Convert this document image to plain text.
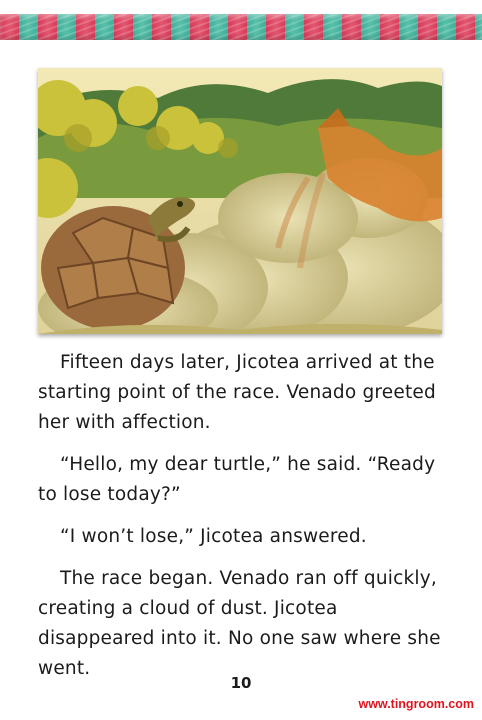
Fifteen days later, Jicotea arrived at the starting point of the race. Venado greeted her with affection.

“Hello, my dear turtle,” he said. “Ready to lose today?”

“I won’t lose,” Jicotea answered.

The race began. Venado ran off quickly, creating a cloud of dust. Jicotea disappeared into it. No one saw where she went.

10
www.tingroom.com
